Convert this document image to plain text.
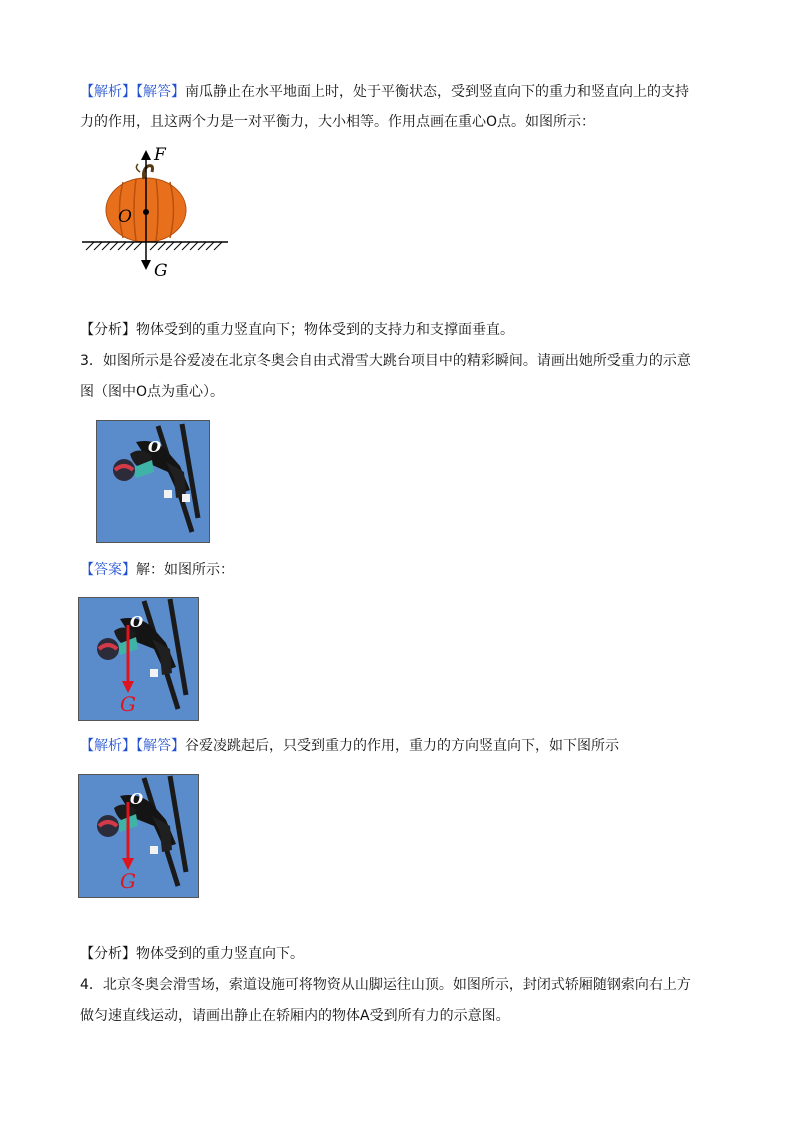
【解析】【解答】南瓜静止在水平地面上时，处于平衡状态，受到竖直向下的重力和竖直向上的支持
力的作用，且这两个力是一对平衡力，大小相等。作用点画在重心O点。如图所示：
F
O
G
【分析】物体受到的重力竖直向下；物体受到的支持力和支撑面垂直。
3．如图所示是谷爱凌在北京冬奥会自由式滑雪大跳台项目中的精彩瞬间。请画出她所受重力的示意
图（图中O点为重心）。
O
【答案】解：如图所示：
O
G
【解析】【解答】谷爱凌跳起后，只受到重力的作用，重力的方向竖直向下，如下图所示
O
G
【分析】物体受到的重力竖直向下。
4．北京冬奥会滑雪场，索道设施可将物资从山脚运往山顶。如图所示，封闭式轿厢随钢索向右上方
做匀速直线运动，请画出静止在轿厢内的物体A受到所有力的示意图。
